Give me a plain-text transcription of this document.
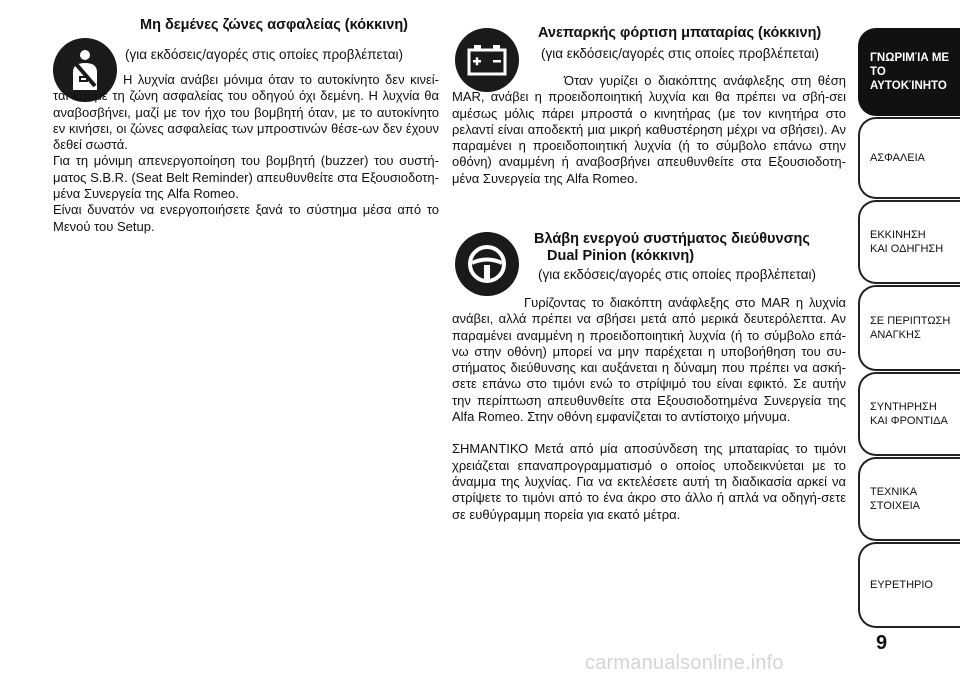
Μη δεμένες ζώνες ασφαλείας (κόκκινη)
(για εκδόσεις/αγορές στις οποίες προβλέπεται)

Η λυχνία ανάβει μόνιμα όταν το αυτοκίνητο δεν κινεί-ται και με τη ζώνη ασφαλείας του οδηγού όχι δεμένη. Η λυχνία θα αναβοσβήνει, μαζί με τον ήχο του βομβητή όταν, με το αυτοκίνητο εν κινήσει, οι ζώνες ασφαλείας των μπροστινών θέσε-ων δεν έχουν δεθεί σωστά.

Για τη μόνιμη απενεργοποίηση του βομβητή (buzzer) του συστή-ματος S.B.R. (Seat Belt Reminder) απευθυνθείτε στα Εξουσιοδοτη-μένα Συνεργεία της Alfa Romeo.

Είναι δυνατόν να ενεργοποιήσετε ξανά το σύστημα μέσα από το Μενού του Setup.

Ανεπαρκής φόρτιση μπαταρίας (κόκκινη)
(για εκδόσεις/αγορές στις οποίες προβλέπεται)

Όταν γυρίζει ο διακόπτης ανάφλεξης στη θέση MAR, ανάβει η προειδοποιητική λυχνία και θα πρέπει να σβή-σει αμέσως μόλις πάρει μπροστά ο κινητήρας (με τον κινητήρα στο ρελαντί είναι αποδεκτή μια μικρή καθυστέρηση μέχρι να σβήσει). Αν παραμένει η προειδοποιητική λυχνία (ή το σύμβολο επάνω στην οθόνη) αναμμένη ή αναβοσβήνει απευθυνθείτε στα Εξουσιοδοτη-μένα Συνεργεία της Alfa Romeo.

Βλάβη ενεργού συστήματος διεύθυνσης
Dual Pinion (κόκκινη)
(για εκδόσεις/αγορές στις οποίες προβλέπεται)

Γυρίζοντας το διακόπτη ανάφλεξης στο MAR η λυχνία ανάβει, αλλά πρέπει να σβήσει μετά από μερικά δευτερόλεπτα. Αν παραμένει αναμμένη η προειδοποιητική λυχνία (ή το σύμβολο επά-νω στην οθόνη) μπορεί να μην παρέχεται η υποβοήθηση του συ-στήματος διεύθυνσης και αυξάνεται η δύναμη που πρέπει να ασκή-σετε επάνω στο τιμόνι ενώ το στρίψιμό του είναι εφικτό. Σε αυτήν την περίπτωση απευθυνθείτε στα Εξουσιοδοτημένα Συνεργεία της Alfa Romeo. Στην οθόνη εμφανίζεται το αντίστοιχο μήνυμα.

ΣΗΜΑΝΤΙΚΟ Μετά από μία αποσύνδεση της μπαταρίας το τιμόνι χρειάζεται επαναπρογραμματισμό ο οποίος υποδεικνύεται με το άναμμα της λυχνίας. Για να εκτελέσετε αυτή τη διαδικασία αρκεί να στρίψετε το τιμόνι από το ένα άκρο στο άλλο ή απλά να οδηγή-σετε σε ευθύγραμμη πορεία για εκατό μέτρα.

ΓΝΩΡΙΜΊΑ ΜΕ ΤΟ
ΑΥΤΟΚΊΝΗΤΟ
ΑΣΦΑΛΕΙΑ
ΕΚΚΙΝΗΣΗ
ΚΑΙ ΟΔΗΓΗΣΗ
ΣΕ ΠΕΡΙΠΤΩΣΗ
ΑΝΑΓΚΗΣ
ΣΥΝΤΗΡΗΣΗ
ΚΑΙ ΦΡΟΝΤΙΔΑ
ΤΕΧΝΙΚΑ
ΣΤΟΙΧΕΙΑ
ΕΥΡΕΤΗΡΙΟ
9
carmanualsonline.info
